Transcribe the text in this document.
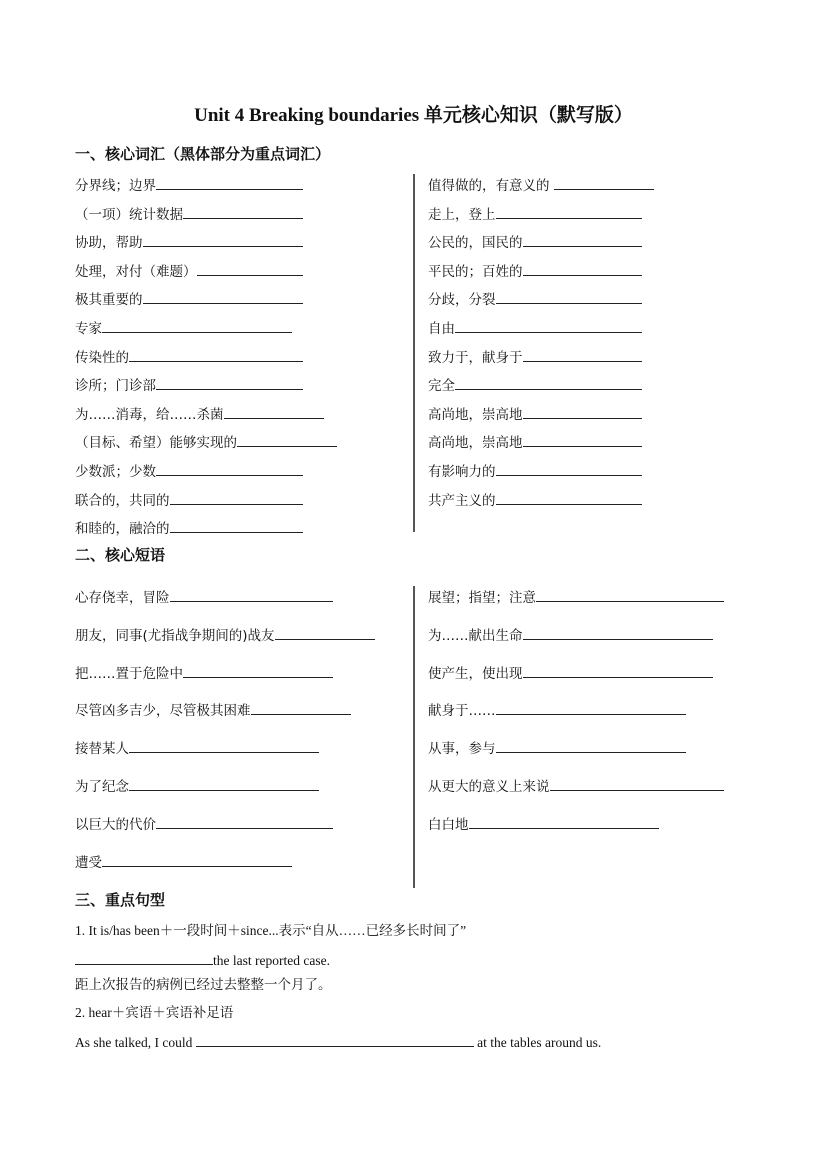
Unit 4 Breaking boundaries 单元核心知识（默写版）
一、核心词汇（黑体部分为重点词汇）
二、核心短语
三、重点句型
分界线；边界
（一项）统计数据
协助，帮助
处理，对付（难题）
极其重要的
专家
传染性的
诊所；门诊部
为……消毒，给……杀菌
（目标、希望）能够实现的
少数派；少数
联合的，共同的
和睦的，融洽的
值得做的，有意义的
走上，登上
公民的，国民的
平民的；百姓的
分歧，分裂
自由
致力于，献身于
完全
高尚地，崇高地
高尚地，崇高地
有影响力的
共产主义的
心存侥幸，冒险
朋友，同事(尤指战争期间的)战友
把……置于危险中
尽管凶多吉少，尽管极其困难
接替某人
为了纪念
以巨大的代价
遭受
展望；指望；注意
为……献出生命
使产生，使出现
献身于……
从事，参与
从更大的意义上来说
白白地
1. It is/has been＋一段时间＋since...表示“自从……已经多长时间了”
the last reported case.
距上次报告的病例已经过去整整一个月了。
2. hear＋宾语＋宾语补足语
As she talked, I could	at the tables around us.
